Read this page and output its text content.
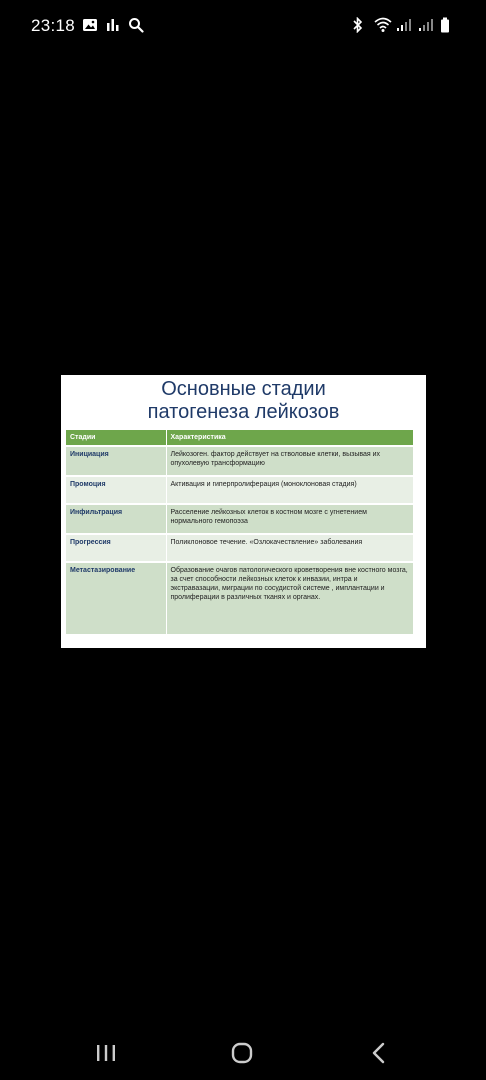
23:18
Основные стадии
патогенеза лейкозов
Стадии	Характеристика
Инициация	Лейкозоген. фактор действует на стволовые клетки, вызывая их опухолевую трансформацию
Промоция	Активация и гиперпролиферация (моноклоновая стадия)
Инфильтрация	Расселение лейкозных клеток в костном мозге с угнетением нормального гемопоэза
Прогрессия	Поликлоновое течение. «Озлокачествление» заболевания
Метастазирование	Образование очагов патологического кроветворения вне костного мозга, за счет способности лейкозных клеток к инвазии, интра и экстравазации, миграции по сосудистой системе , имплантации и пролиферации в различных тканях и органах.
